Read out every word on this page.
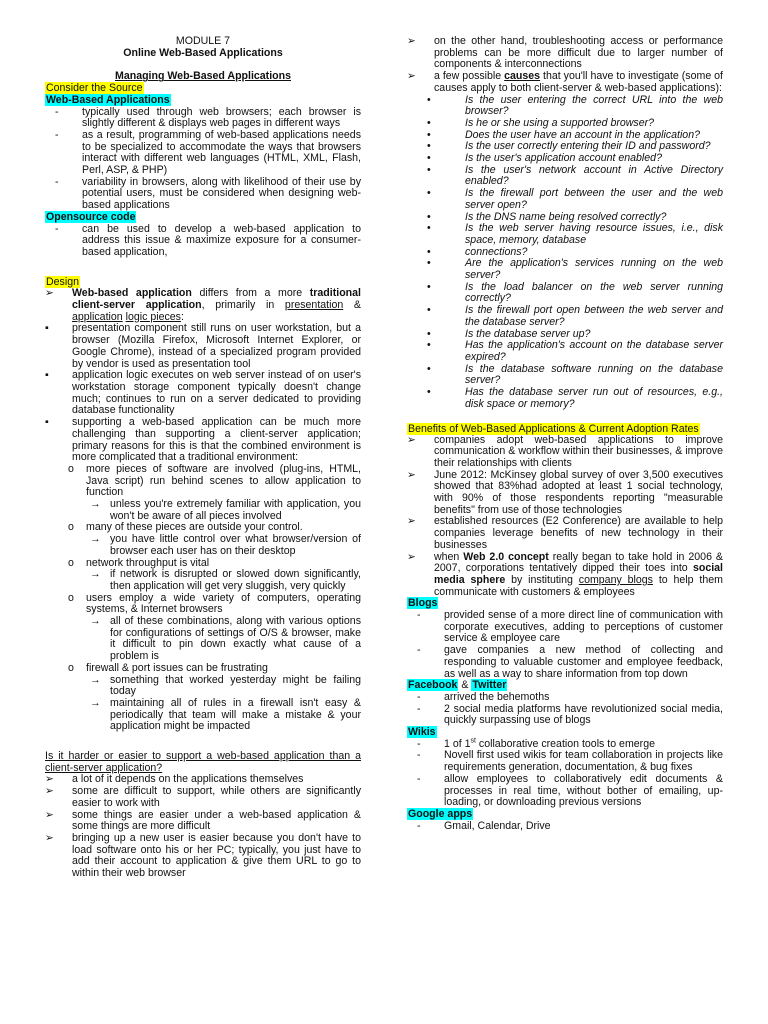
MODULE 7
Online Web-Based Applications
Managing Web-Based Applications
Consider the Source
Web-Based Applications
-	typically used through web browsers; each browser is slightly different & displays web pages in different ways
-	as a result, programming of web-based applications needs to be specialized to accommodate the ways that browsers interact with different web languages (HTML, XML, Flash, Perl, ASP, & PHP)
-	variability in browsers, along with likelihood of their use by potential users, must be considered when designing web-based applications
Opensource code
-	can be used to develop a web-based application to address this issue & maximize exposure for a consumer-based application,
Design
➢	Web-based application differs from a more traditional client-server application, primarily in presentation & application logic pieces:
▪	presentation component still runs on user workstation, but a browser (Mozilla Firefox, Microsoft Internet Explorer, or Google Chrome), instead of a specialized program provided by vendor is used as presentation tool
▪	application logic executes on web server instead of on user's workstation storage component typically doesn't change much; continues to run on a server dedicated to providing database functionality
▪	supporting a web-based application can be much more challenging than supporting a client-server application; primary reasons for this is that the combined environment is more complicated that a traditional environment:
o	more pieces of software are involved (plug-ins, HTML, Java script) run behind scenes to allow application to function
→ unless you're extremely familiar with application, you won't be aware of all pieces involved
o	many of these pieces are outside your control.
→ you have little control over what browser/version of browser each user has on their desktop
o	network throughput is vital
→ if network is disrupted or slowed down significantly, then application will get very sluggish, very quickly
o	users employ a wide variety of computers, operating systems, & Internet browsers
→ all of these combinations, along with various options for configurations of settings of O/S & browser, make it difficult to pin down exactly what cause of a problem is
o	firewall & port issues can be frustrating
→ something that worked yesterday might be failing today
→ maintaining all of rules in a firewall isn't easy & periodically that team will make a mistake & your application might be impacted
Is it harder or easier to support a web-based application than a client-server application?
➢	a lot of it depends on the applications themselves
➢	some are difficult to support, while others are significantly easier to work with
➢	some things are easier under a web-based application & some things are more difficult
➢	bringing up a new user is easier because you don't have to load software onto his or her PC; typically, you just have to add their account to application & give them URL to go to within their web browser
➢	on the other hand, troubleshooting access or performance problems can be more difficult due to larger number of components & interconnections
➢	a few possible causes that you'll have to investigate (some of causes apply to both client-server & web-based applications):
•	Is the user entering the correct URL into the web browser?
•	Is he or she using a supported browser?
•	Does the user have an account in the application?
•	Is the user correctly entering their ID and password?
•	Is the user's application account enabled?
•	Is the user's network account in Active Directory enabled?
•	Is the firewall port between the user and the web server open?
•	Is the DNS name being resolved correctly?
•	Is the web server having resource issues, i.e., disk space, memory, database
•	connections?
•	Are the application's services running on the web server?
•	Is the load balancer on the web server running correctly?
•	Is the firewall port open between the web server and the database server?
•	Is the database server up?
•	Has the application's account on the database server expired?
•	Is the database software running on the database server?
•	Has the database server run out of resources, e.g., disk space or memory?
Benefits of Web-Based Applications & Current Adoption Rates
➢	companies adopt web-based applications to improve communication & workflow within their businesses, & improve their relationships with clients
➢	June 2012: McKinsey global survey of over 3,500 executives showed that 83%had adopted at least 1 social technology, with 90% of those respondents reporting "measurable benefits" from use of those technologies
➢	established resources (E2 Conference) are available to help companies leverage benefits of new technology in their businesses
➢	when Web 2.0 concept really began to take hold in 2006 & 2007, corporations tentatively dipped their toes into social media sphere by instituting company blogs to help them communicate with customers & employees
Blogs
-	provided sense of a more direct line of communication with corporate executives, adding to perceptions of customer service & employee care
-	gave companies a new method of collecting and responding to valuable customer and employee feedback, as well as a way to share information from top down
Facebook & Twitter
-	arrived the behemoths
-	2 social media platforms have revolutionized social media, quickly surpassing use of blogs
Wikis
-	1 of 1st collaborative creation tools to emerge
-	Novell first used wikis for team collaboration in projects like requirements generation, documentation, & bug fixes
-	allow employees to collaboratively edit documents & processes in real time, without bother of emailing, up-loading, or downloading previous versions
Google apps
-	Gmail, Calendar, Drive
